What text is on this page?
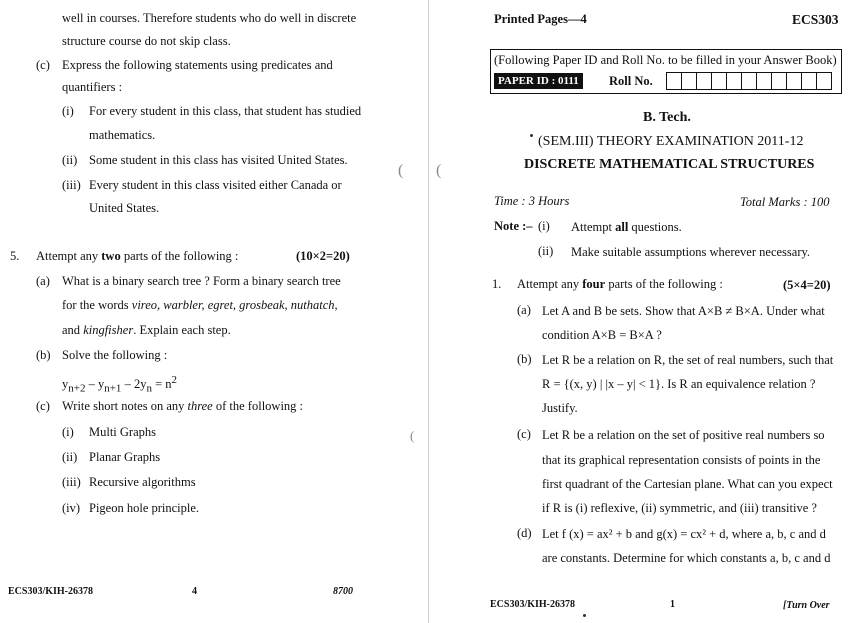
well in courses. Therefore students who do well in discrete
structure course do not skip class.
(c) Express the following statements using predicates and
quantifiers :
(i) For every student in this class, that student has studied
mathematics.
(ii) Some student in this class has visited United States.
(iii) Every student in this class visited either Canada or
United States.
5. Attempt any two parts of the following :	(10×2=20)
(a) What is a binary search tree ? Form a binary search tree
for the words vireo, warbler, egret, grosbeak, nuthatch,
and kingfisher. Explain each step.
(b) Solve the following :
$y_{n+2} - y_{n+1} - 2y_n = n^2$
(c) Write short notes on any three of the following :
(i) Multi Graphs
(ii) Planar Graphs
(iii) Recursive algorithms
(iv) Pigeon hole principle.
ECS303/KIH-26378	4	8700
( (
(
Printed Pages—4	ECS303
(Following Paper ID and Roll No. to be filled in your Answer Book)
PAPER ID : 0111	Roll No.
B. Tech.
(SEM.III) THEORY EXAMINATION 2011-12
DISCRETE MATHEMATICAL STRUCTURES
Time : 3 Hours	Total Marks : 100
Note :– (i) Attempt all questions.
(ii) Make suitable assumptions wherever necessary.
1. Attempt any four parts of the following :	(5×4=20)
(a) Let A and B be sets. Show that A×B ≠ B×A. Under what
condition A×B = B×A ?
(b) Let R be a relation on R, the set of real numbers, such that
R = {(x, y) | |x – y| < 1}. Is R an equivalence relation ?
Justify.
(c) Let R be a relation on the set of positive real numbers so
that its graphical representation consists of points in the
first quadrant of the Cartesian plane. What can you expect
if R is (i) reflexive, (ii) symmetric, and (iii) transitive ?
(d) Let f (x) = ax² + b and g(x) = cx² + d, where a, b, c and d
are constants. Determine for which constants a, b, c and d
ECS303/KIH-26378	1	[Turn Over
